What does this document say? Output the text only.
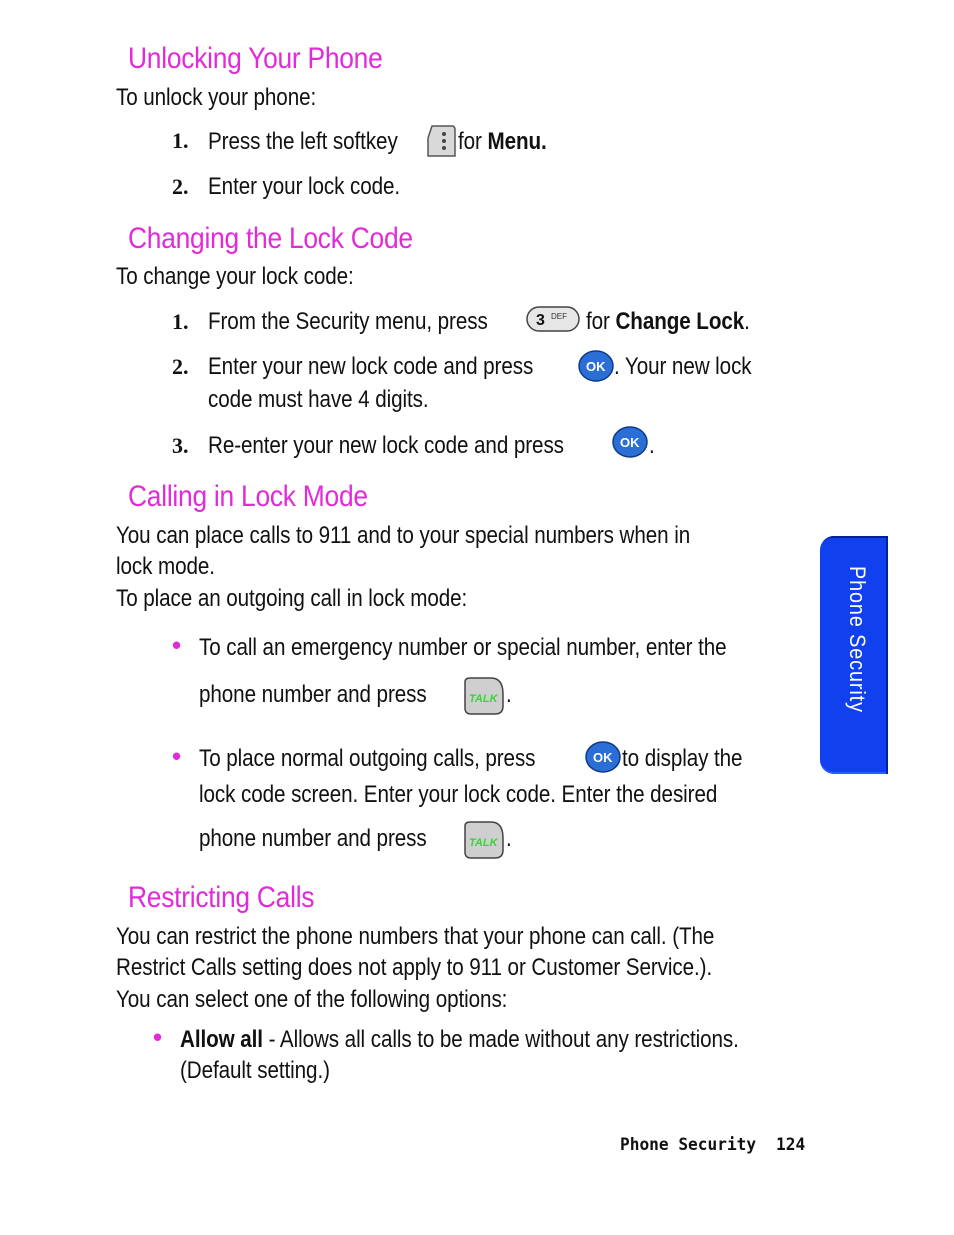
Unlocking Your Phone
To unlock your phone:
1. Press the left softkey	for Menu.
2. Enter your lock code.
Changing the Lock Code
To change your lock code:
1. From the Security menu, press	3 DEF for Change Lock.
2. Enter your new lock code and press	OK . Your new lock
code must have 4 digits.
3. Re-enter your new lock code and press	OK .
Calling in Lock Mode
You can place calls to 911 and to your special numbers when in
lock mode.
To place an outgoing call in lock mode:
• To call an emergency number or special number, enter the
phone number and press	TALK .
• To place normal outgoing calls, press	OK to display the
lock code screen. Enter your lock code. Enter the desired
phone number and press	TALK .
Restricting Calls
You can restrict the phone numbers that your phone can call. (The
Restrict Calls setting does not apply to 911 or Customer Service.).
You can select one of the following options:
• Allow all - Allows all calls to be made without any restrictions.
(Default setting.)
Phone Security
Phone Security 124
